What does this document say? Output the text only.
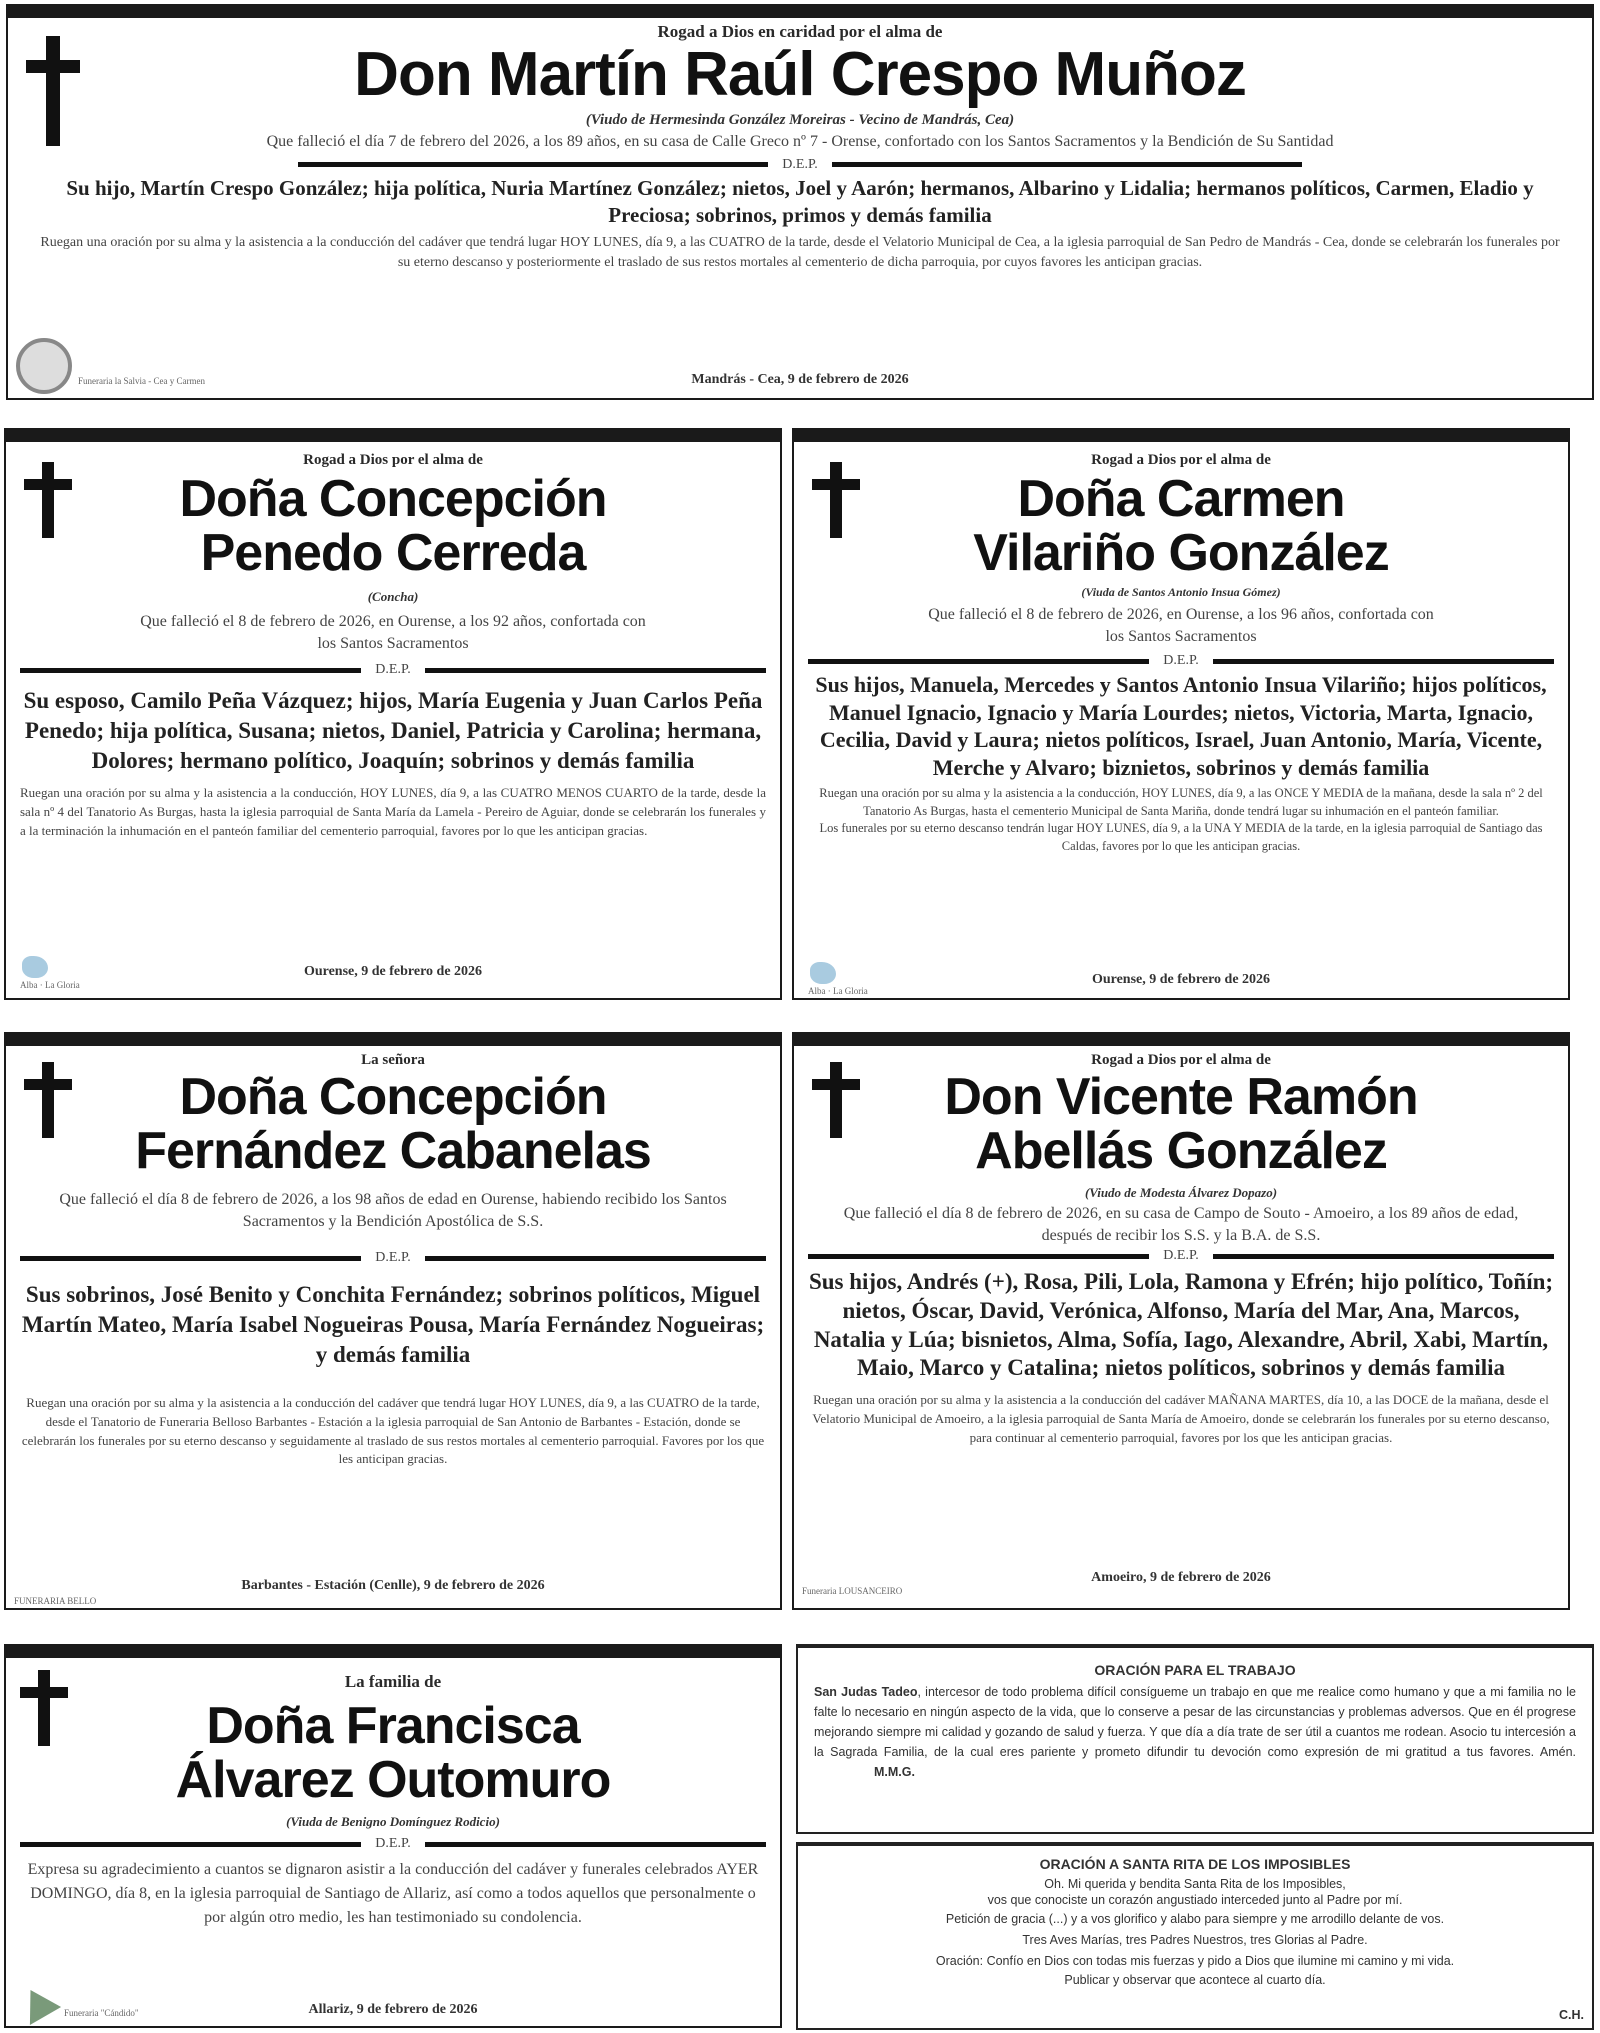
Rogad a Dios en caridad por el alma de
Don Martín Raúl Crespo Muñoz
(Viudo de Hermesinda González Moreiras - Vecino de Mandrás, Cea)
Que falleció el día 7 de febrero del 2026, a los 89 años, en su casa de Calle Greco nº 7 - Orense, confortado con los Santos Sacramentos y la Bendición de Su Santidad
D.E.P.
Su hijo, Martín Crespo González; hija política, Nuria Martínez González; nietos, Joel y Aarón; hermanos, Albarino y Lidalia; hermanos políticos, Carmen, Eladio y Preciosa; sobrinos, primos y demás familia
Ruegan una oración por su alma y la asistencia a la conducción del cadáver que tendrá lugar HOY LUNES, día 9, a las CUATRO de la tarde, desde el Velatorio Municipal de Cea, a la iglesia parroquial de San Pedro de Mandrás - Cea, donde se celebrarán los funerales por su eterno descanso y posteriormente el traslado de sus restos mortales al cementerio de dicha parroquia, por cuyos favores les anticipan gracias.
Funeraria la Salvia - Cea y Carmen	Mandrás - Cea, 9 de febrero de 2026
Rogad a Dios por el alma de
Doña Concepción
Penedo Cerreda
(Concha)
Que falleció el 8 de febrero de 2026, en Ourense, a los 92 años, confortada con los Santos Sacramentos
D.E.P.
Su esposo, Camilo Peña Vázquez; hijos, María Eugenia y Juan Carlos Peña Penedo; hija política, Susana; nietos, Daniel, Patricia y Carolina; hermana, Dolores; hermano político, Joaquín; sobrinos y demás familia
Ruegan una oración por su alma y la asistencia a la conducción, HOY LUNES, día 9, a las CUATRO MENOS CUARTO de la tarde, desde la sala nº 4 del Tanatorio As Burgas, hasta la iglesia parroquial de Santa María da Lamela - Pereiro de Aguiar, donde se celebrarán los funerales y a la terminación la inhumación en el panteón familiar del cementerio parroquial, favores por lo que les anticipan gracias.
Alba · La Gloria
Ourense, 9 de febrero de 2026
Rogad a Dios por el alma de
Doña Carmen
Vilariño González
(Viuda de Santos Antonio Insua Gómez)
Que falleció el 8 de febrero de 2026, en Ourense, a los 96 años, confortada con los Santos Sacramentos
D.E.P.
Sus hijos, Manuela, Mercedes y Santos Antonio Insua Vilariño; hijos políticos, Manuel Ignacio, Ignacio y María Lourdes; nietos, Victoria, Marta, Ignacio, Cecilia, David y Laura; nietos políticos, Israel, Juan Antonio, María, Vicente, Merche y Alvaro; biznietos, sobrinos y demás familia
Ruegan una oración por su alma y la asistencia a la conducción, HOY LUNES, día 9, a las ONCE Y MEDIA de la mañana, desde la sala nº 2 del Tanatorio As Burgas, hasta el cementerio Municipal de Santa Mariña, donde tendrá lugar su inhumación en el panteón familiar.
Los funerales por su eterno descanso tendrán lugar HOY LUNES, día 9, a la UNA Y MEDIA de la tarde, en la iglesia parroquial de Santiago das Caldas, favores por lo que les anticipan gracias.
Alba · La Gloria
Ourense, 9 de febrero de 2026
La señora
Doña Concepción
Fernández Cabanelas
Que falleció el día 8 de febrero de 2026, a los 98 años de edad en Ourense, habiendo recibido los Santos Sacramentos y la Bendición Apostólica de S.S.
D.E.P.
Sus sobrinos, José Benito y Conchita Fernández; sobrinos políticos, Miguel Martín Mateo, María Isabel Nogueiras Pousa, María Fernández Nogueiras; y demás familia
Ruegan una oración por su alma y la asistencia a la conducción del cadáver que tendrá lugar HOY LUNES, día 9, a las CUATRO de la tarde, desde el Tanatorio de Funeraria Belloso Barbantes - Estación a la iglesia parroquial de San Antonio de Barbantes - Estación, donde se celebrarán los funerales por su eterno descanso y seguidamente al traslado de sus restos mortales al cementerio parroquial. Favores por los que les anticipan gracias.
FUNERARIA BELLO
Barbantes - Estación (Cenlle), 9 de febrero de 2026
Rogad a Dios por el alma de
Don Vicente Ramón
Abellás González
(Viudo de Modesta Álvarez Dopazo)
Que falleció el día 8 de febrero de 2026, en su casa de Campo de Souto - Amoeiro, a los 89 años de edad, después de recibir los S.S. y la B.A. de S.S.
D.E.P.
Sus hijos, Andrés (+), Rosa, Pili, Lola, Ramona y Efrén; hijo político, Toñín; nietos, Óscar, David, Verónica, Alfonso, María del Mar, Ana, Marcos, Natalia y Lúa; bisnietos, Alma, Sofía, Iago, Alexandre, Abril, Xabi, Martín, Maio, Marco y Catalina; nietos políticos, sobrinos y demás familia
Ruegan una oración por su alma y la asistencia a la conducción del cadáver MAÑANA MARTES, día 10, a las DOCE de la mañana, desde el Velatorio Municipal de Amoeiro, a la iglesia parroquial de Santa María de Amoeiro, donde se celebrarán los funerales por su eterno descanso, para continuar al cementerio parroquial, favores por los que les anticipan gracias.
Funeraria LOUSANCEIRO
Amoeiro, 9 de febrero de 2026
La familia de
Doña Francisca
Álvarez Outomuro
(Viuda de Benigno Domínguez Rodicio)
D.E.P.
Expresa su agradecimiento a cuantos se dignaron asistir a la conducción del cadáver y funerales celebrados AYER DOMINGO, día 8, en la iglesia parroquial de Santiago de Allariz, así como a todos aquellos que personalmente o por algún otro medio, les han testimoniado su condolencia.
Funeraria "Cándido"	Allariz, 9 de febrero de 2026
ORACIÓN PARA EL TRABAJO
San Judas Tadeo, intercesor de todo problema difícil consígueme un trabajo en que me realice como humano y que a mi familia no le falte lo necesario en ningún aspecto de la vida, que lo conserve a pesar de las circunstancias y problemas adversos. Que en él progrese mejorando siempre mi calidad y gozando de salud y fuerza. Y que día a día trate de ser útil a cuantos me rodean. Asocio tu intercesión a la Sagrada Familia, de la cual eres pariente y prometo difundir tu devoción como expresión de mi gratitud a tus favores. Amén. M.M.G.
ORACIÓN A SANTA RITA DE LOS IMPOSIBLES
Oh. Mi querida y bendita Santa Rita de los Imposibles,
vos que conociste un corazón angustiado interceded junto al Padre por mí.
Petición de gracia (...) y a vos glorifico y alabo para siempre y me arrodillo delante de vos.
Tres Aves Marías, tres Padres Nuestros, tres Glorias al Padre.
Oración: Confío en Dios con todas mis fuerzas y pido a Dios que ilumine mi camino y mi vida.
Publicar y observar que acontece al cuarto día.
C.H.
